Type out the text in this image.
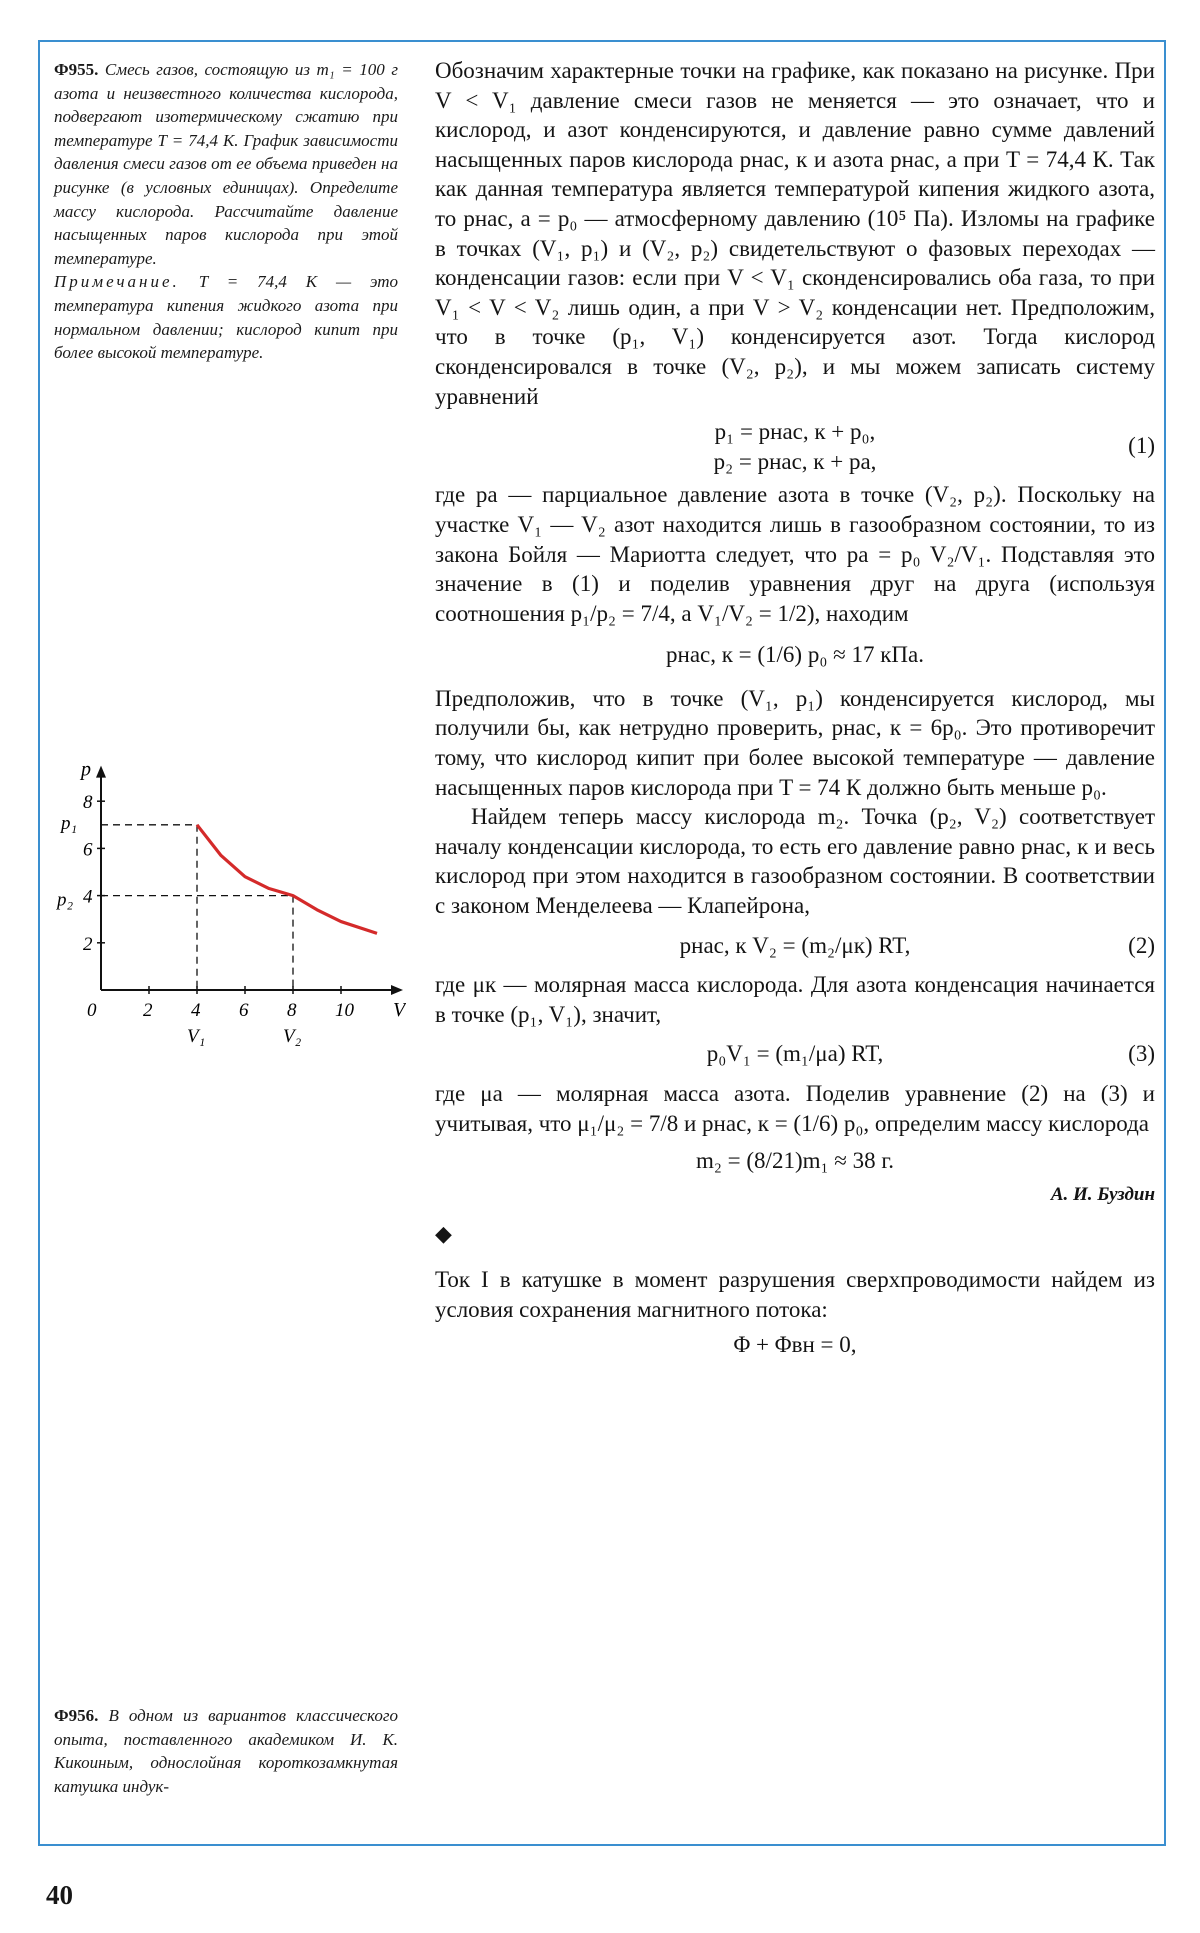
Ф955. Смесь газов, состоящую из m₁ = 100 г азота и неизвестного количества кислорода, подвергают изотермическому сжатию при температуре T = 74,4 К. График зависимости давления смеси газов от ее объема приведен на рисунке (в условных единицах). Определите массу кислорода. Рассчитайте давление насыщенных паров кислорода при этой температуре.
Примечание. T = 74,4 К — это температура кипения жидкого азота при нормальном давлении; кислород кипит при более высокой температуре.
V
p
0 2 4 6 8 10
2
4
6
8
p₁
p₂
V₁	V₂
Ф956. В одном из вариантов классического опыта, поставленного академиком И. К. Кикоиным, однослойная короткозамкнутая катушка индук-

Обозначим характерные точки на графике, как показано на рисунке. При V < V₁ давление смеси газов не меняется — это означает, что и кислород, и азот конденсируются, и давление равно сумме давлений насыщенных паров кислорода pнас, к и азота pнас, а при T = 74,4 К. Так как данная температура является температурой кипения жидкого азота, то pнас, а = p₀ — атмосферному давлению (10⁵ Па). Изломы на графике в точках (V₁, p₁) и (V₂, p₂) свидетельствуют о фазовых переходах — конденсации газов: если при V < V₁ сконденсировались оба газа, то при V₁ < V < V₂ лишь один, а при V > V₂ конденсации нет. Предположим, что в точке (p₁, V₁) конденсируется азот. Тогда кислород сконденсировался в точке (V₂, p₂), и мы можем записать систему уравнений

p₁ = pнас, к + p₀,
p₂ = pнас, к + pа,
(1)

где pа — парциальное давление азота в точке (V₂, p₂). Поскольку на участке V₁ — V₂ азот находится лишь в газообразном состоянии, то из закона Бойля — Мариотта следует, что pа = p₀ V₂/V₁. Подставляя это значение в (1) и поделив уравнения друг на друга (используя соотношения p₁/p₂ = 7/4, а V₁/V₂ = 1/2), находим

pнас, к = (1/6) p₀ ≈ 17 кПа.

Предположив, что в точке (V₁, p₁) конденсируется кислород, мы получили бы, как нетрудно проверить, pнас, к = 6p₀. Это противоречит тому, что кислород кипит при более высокой температуре — давление насыщенных паров кислорода при T = 74 К должно быть меньше p₀.

Найдем теперь массу кислорода m₂. Точка (p₂, V₂) соответствует началу конденсации кислорода, то есть его давление равно pнас, к и весь кислород при этом находится в газообразном состоянии. В соответствии с законом Менделеева — Клапейрона,

pнас, к V₂ = (m₂/μк) RT,	(2)

где μк — молярная масса кислорода. Для азота конденсация начинается в точке (p₁, V₁), значит,

p₀V₁ = (m₁/μа) RT,	(3)

где μа — молярная масса азота. Поделив уравнение (2) на (3) и учитывая, что μ₁/μ₂ = 7/8 и pнас, к = (1/6) p₀, определим массу кислорода

m₂ = (8/21)m₁ ≈ 38 г.
А. И. Буздин
◆

Ток I в катушке в момент разрушения сверхпроводимости найдем из условия сохранения магнитного потока:

Φ + Φвн = 0,
40
